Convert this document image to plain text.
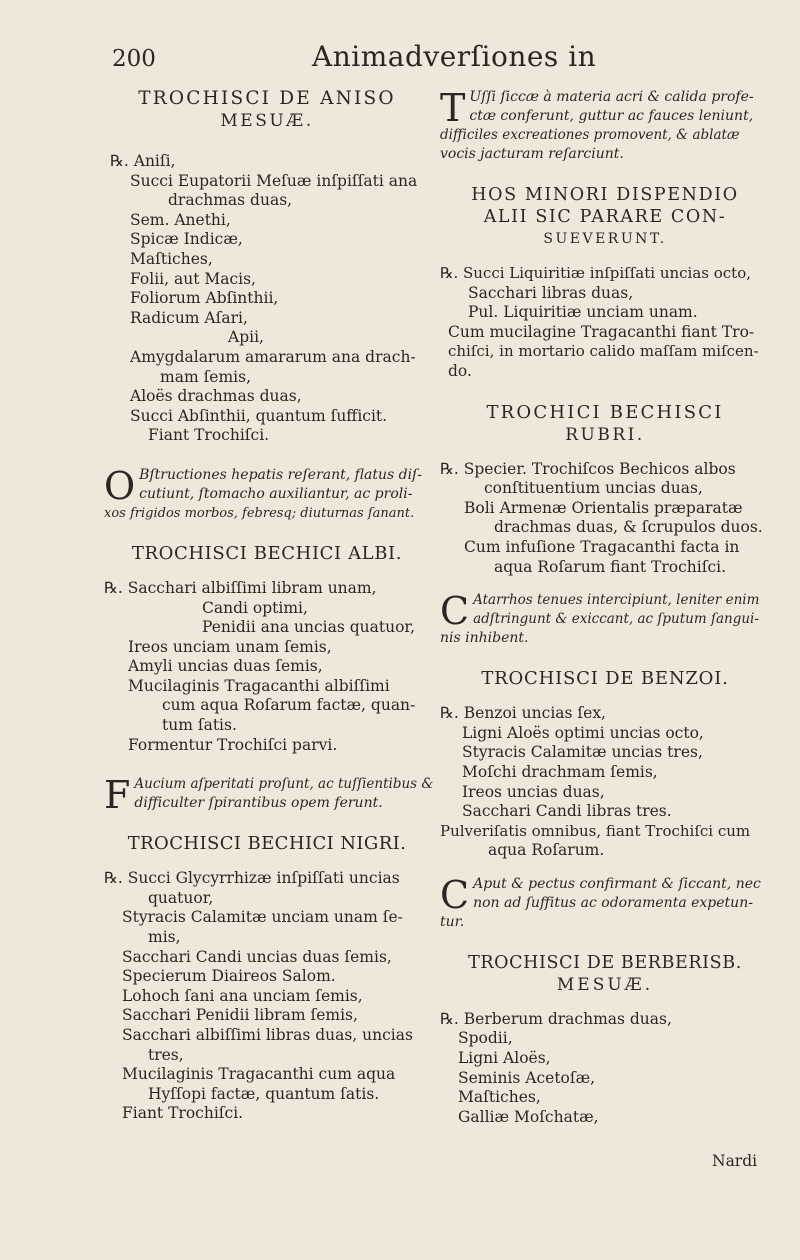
200	Animadverſiones in
TROCHISCI DE ANISO
MESUÆ.
℞. Aniſi,
Succi Eupatorii Meſuæ inſpiſſati ana
drachmas duas,
Sem. Anethi,
Spicæ Indicæ,
Maſtiches,
Folii, aut Macis,
Foliorum Abſinthii,
Radicum Aſari,
Apii,
Amygdalarum amararum ana drach-
mam ſemis,
Aloës drachmas duas,
Succi Abſinthii, quantum ſufficit.
Fiant Trochiſci.
O Bſtructiones hepatis reſerant, flatus diſ-
cutiunt, ſtomacho auxiliantur, ac proli-
xos frigidos morbos, febresq; diuturnas ſanant.
TROCHISCI BECHICI ALBI.
℞. Sacchari albiſſimi libram unam,
Candi optimi,
Penidii ana uncias quatuor,
Ireos unciam unam ſemis,
Amyli uncias duas ſemis,
Mucilaginis Tragacanthi albiſſimi
cum aqua Roſarum factæ, quan-
tum ſatis.
Formentur Trochiſci parvi.
F Aucium aſperitati proſunt, ac tuſſientibus &
difficulter ſpirantibus opem ferunt.
TROCHISCI BECHICI NIGRI.
℞. Succi Glycyrrhizæ inſpiſſati uncias
quatuor,
Styracis Calamitæ unciam unam ſe-
mis,
Sacchari Candi uncias duas ſemis,
Specierum Diaireos Salom.
Lohoch ſani ana unciam ſemis,
Sacchari Penidii libram ſemis,
Sacchari albiſſimi libras duas, uncias
tres,
Mucilaginis Tragacanthi cum aqua
Hyſſopi factæ, quantum ſatis.
Fiant Trochiſci.
T Uſſi ſiccæ à materia acri & calida profe-
ctæ conferunt, guttur ac fauces leniunt,
difficiles excreationes promovent, & ablatæ
vocis jacturam reſarciunt.
HOS MINORI DISPENDIO
ALII SIC PARARE CON-
SUEVERUNT.
℞. Succi Liquiritiæ inſpiſſati uncias octo,
Sacchari libras duas,
Pul. Liquiritiæ unciam unam.
Cum mucilagine Tragacanthi fiant Tro-
chiſci, in mortario calido maſſam miſcen-
do.
TROCHICI BECHISCI
RUBRI.
℞. Specier. Trochiſcos Bechicos albos
conſtituentium uncias duas,
Boli Armenæ Orientalis præparatæ
drachmas duas, & ſcrupulos duos.
Cum infuſione Tragacanthi facta in
aqua Roſarum fiant Trochiſci.
C Atarrhos tenues intercipiunt, leniter enim
adſtringunt & exiccant, ac ſputum ſangui-
nis inhibent.
TROCHISCI DE BENZOI.
℞. Benzoi uncias ſex,
Ligni Aloës optimi uncias octo,
Styracis Calamitæ uncias tres,
Moſchi drachmam ſemis,
Ireos uncias duas,
Sacchari Candi libras tres.
Pulveriſatis omnibus, fiant Trochiſci cum
aqua Roſarum.
C Aput & pectus confirmant & ſiccant, nec
non ad ſuffitus ac odoramenta expetun-
tur.
TROCHISCI DE BERBERISB.
MESUÆ.
℞. Berberum drachmas duas,
Spodii,
Ligni Aloës,
Seminis Acetoſæ,
Maſtiches,
Galliæ Moſchatæ,
Nardi
